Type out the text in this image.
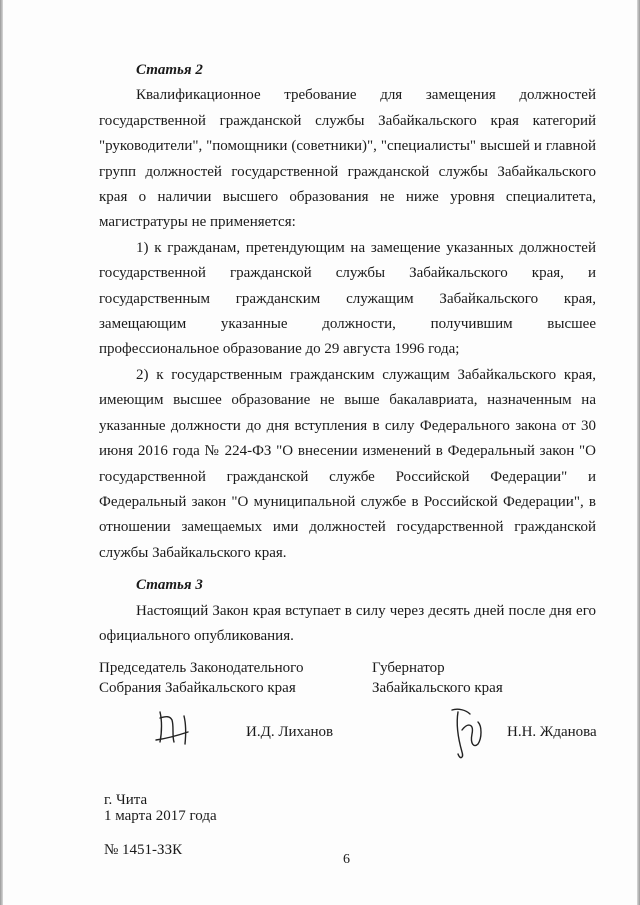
Статья 2

Квалификационное требование для замещения должностей государственной гражданской службы Забайкальского края категорий "руководители", "помощники (советники)", "специалисты" высшей и главной групп должностей государственной гражданской службы Забайкальского края о наличии высшего образования не ниже уровня специалитета, магистратуры не применяется:

1) к гражданам, претендующим на замещение указанных должностей государственной гражданской службы Забайкальского края, и государственным гражданским служащим Забайкальского края, замещающим указанные должности, получившим высшее профессиональное образование до 29 августа 1996 года;

2) к государственным гражданским служащим Забайкальского края, имеющим высшее образование не выше бакалавриата, назначенным на указанные должности до дня вступления в силу Федерального закона от 30 июня 2016 года № 224-ФЗ "О внесении изменений в Федеральный закон "О государственной гражданской службе Российской Федерации" и Федеральный закон "О муниципальной службе в Российской Федерации", в отношении замещаемых ими должностей государственной гражданской службы Забайкальского края.

Статья 3

Настоящий Закон края вступает в силу через десять дней после дня его официального опубликования.

Председатель Законодательного
Собрания Забайкальского края
И.Д. Лиханов
Губернатор
Забайкальского края
Н.Н. Жданова
г. Чита
1 марта 2017 года
№ 1451-ЗЗК
6
